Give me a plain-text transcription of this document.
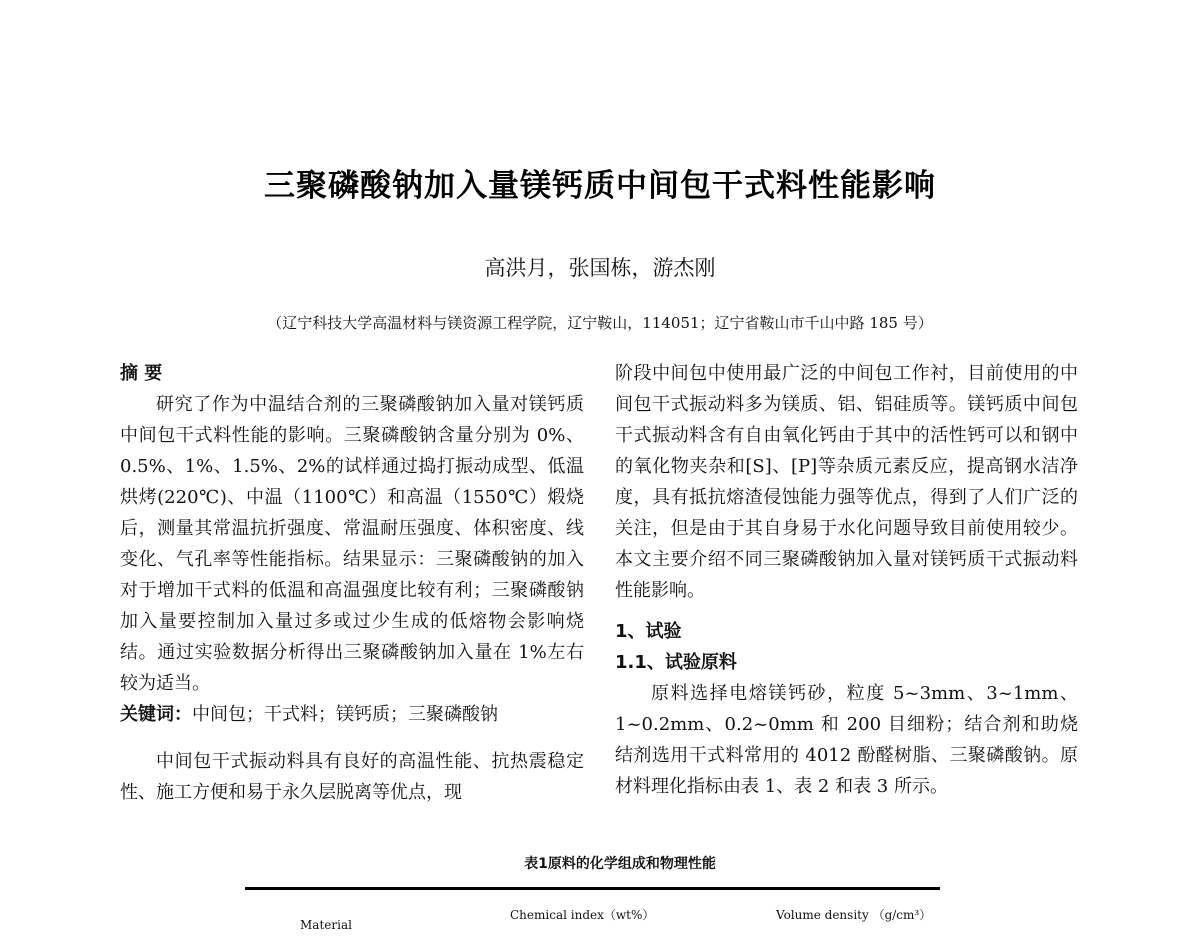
三聚磷酸钠加入量镁钙质中间包干式料性能影响
高洪月，张国栋，游杰刚
（辽宁科技大学高温材料与镁资源工程学院，辽宁鞍山，114051；辽宁省鞍山市千山中路 185 号）
摘 要
研究了作为中温结合剂的三聚磷酸钠加入量对镁钙质中间包干式料性能的影响。三聚磷酸钠含量分别为 0%、0.5%、1%、1.5%、2%的试样通过捣打振动成型、低温烘烤(220℃)、中温（1100℃）和高温（1550℃）煅烧后，测量其常温抗折强度、常温耐压强度、体积密度、线变化、气孔率等性能指标。结果显示：三聚磷酸钠的加入对于增加干式料的低温和高温强度比较有利；三聚磷酸钠加入量要控制加入量过多或过少生成的低熔物会影响烧结。通过实验数据分析得出三聚磷酸钠加入量在 1%左右较为适当。
关键词：中间包；干式料；镁钙质；三聚磷酸钠
中间包干式振动料具有良好的高温性能、抗热震稳定性、施工方便和易于永久层脱离等优点，现
阶段中间包中使用最广泛的中间包工作衬，目前使用的中间包干式振动料多为镁质、铝、铝硅质等。镁钙质中间包干式振动料含有自由氧化钙由于其中的活性钙可以和钢中的氧化物夹杂和[S]、[P]等杂质元素反应，提高钢水洁净度，具有抵抗熔渣侵蚀能力强等优点，得到了人们广泛的关注，但是由于其自身易于水化问题导致目前使用较少。本文主要介绍不同三聚磷酸钠加入量对镁钙质干式振动料性能影响。
1、试验
1.1、试验原料
原料选择电熔镁钙砂，粒度 5~3mm、3~1mm、1~0.2mm、0.2~0mm 和 200 目细粉；结合剂和助烧结剂选用干式料常用的 4012 酚醛树脂、三聚磷酸钠。原材料理化指标由表 1、表 2 和表 3 所示。
表1原料的化学组成和物理性能
Chemical index（wt%）	Volume density （g/cm³）
Material
